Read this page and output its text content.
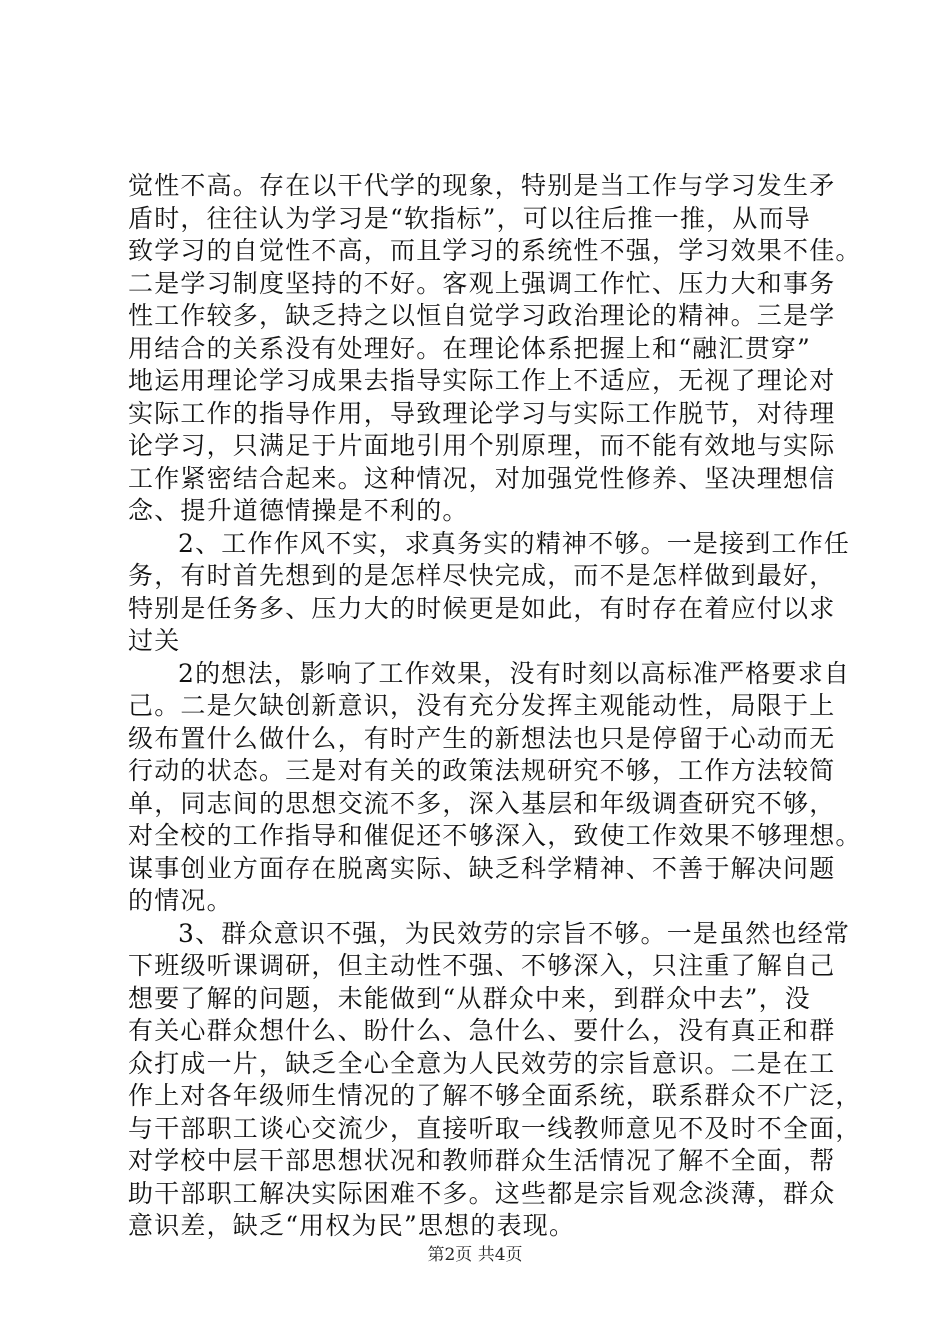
觉性不高。存在以干代学的现象，特别是当工作与学习发生矛
盾时，往往认为学习是“软指标”，可以往后推一推，从而导
致学习的自觉性不高，而且学习的系统性不强，学习效果不佳。
二是学习制度坚持的不好。客观上强调工作忙、压力大和事务
性工作较多，缺乏持之以恒自觉学习政治理论的精神。三是学
用结合的关系没有处理好。在理论体系把握上和“融汇贯穿”
地运用理论学习成果去指导实际工作上不适应，无视了理论对
实际工作的指导作用，导致理论学习与实际工作脱节，对待理
论学习，只满足于片面地引用个别原理，而不能有效地与实际
工作紧密结合起来。这种情况，对加强党性修养、坚决理想信
念、提升道德情操是不利的。
2、工作作风不实，求真务实的精神不够。一是接到工作任
务，有时首先想到的是怎样尽快完成，而不是怎样做到最好，
特别是任务多、压力大的时候更是如此，有时存在着应付以求
过关
2的想法，影响了工作效果，没有时刻以高标准严格要求自
己。二是欠缺创新意识，没有充分发挥主观能动性，局限于上
级布置什么做什么，有时产生的新想法也只是停留于心动而无
行动的状态。三是对有关的政策法规研究不够，工作方法较简
单，同志间的思想交流不多，深入基层和年级调查研究不够，
对全校的工作指导和催促还不够深入，致使工作效果不够理想。
谋事创业方面存在脱离实际、缺乏科学精神、不善于解决问题
的情况。
3、群众意识不强，为民效劳的宗旨不够。一是虽然也经常
下班级听课调研，但主动性不强、不够深入，只注重了解自己
想要了解的问题，未能做到“从群众中来，到群众中去”，没
有关心群众想什么、盼什么、急什么、要什么，没有真正和群
众打成一片，缺乏全心全意为人民效劳的宗旨意识。二是在工
作上对各年级师生情况的了解不够全面系统，联系群众不广泛，
与干部职工谈心交流少，直接听取一线教师意见不及时不全面，
对学校中层干部思想状况和教师群众生活情况了解不全面，帮
助干部职工解决实际困难不多。这些都是宗旨观念淡薄，群众
意识差，缺乏“用权为民”思想的表现。
第2页 共4页
